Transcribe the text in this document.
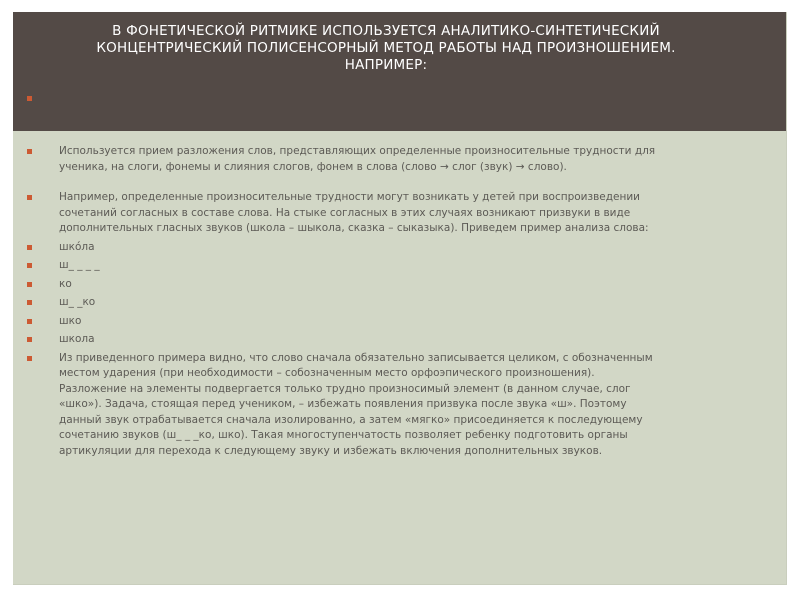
В ФОНЕТИЧЕСКОЙ РИТМИКЕ ИСПОЛЬЗУЕТСЯ АНАЛИТИКО-СИНТЕТИЧЕСКИЙ
КОНЦЕНТРИЧЕСКИЙ ПОЛИСЕНСОРНЫЙ МЕТОД РАБОТЫ НАД ПРОИЗНОШЕНИЕМ.
НАПРИМЕР:
Используется прием разложения слов, представляющих определенные произносительные трудности для ученика, на слоги, фонемы и слияния слогов, фонем в слова (слово → слог (звук) → слово).
Например, определенные произносительные трудности могут возникать у детей при воспроизведении сочетаний согласных в составе слова. На стыке согласных в этих случаях возникают призвуки в виде дополнительных гласных звуков (школа – шыкола, сказка – сыказыка). Приведем пример анализа слова:
шкóла
ш_ _ _ _
ко
ш_ _ко
шко
школа
Из приведенного примера видно, что слово сначала обязательно записывается целиком, с обозначенным местом ударения (при необходимости – собозначенным место орфоэпического произношения). Разложение на элементы подвергается только трудно произносимый элемент (в данном случае, слог «шко»). Задача, стоящая перед учеником, – избежать появления призвука после звука «ш». Поэтому данный звук отрабатывается сначала изолированно, а затем «мягко» присоединяется к последующему сочетанию звуков (ш_ _ _ко, шко). Такая многоступенчатость позволяет ребенку подготовить органы артикуляции для перехода к следующему звуку и избежать включения дополнительных звуков.
